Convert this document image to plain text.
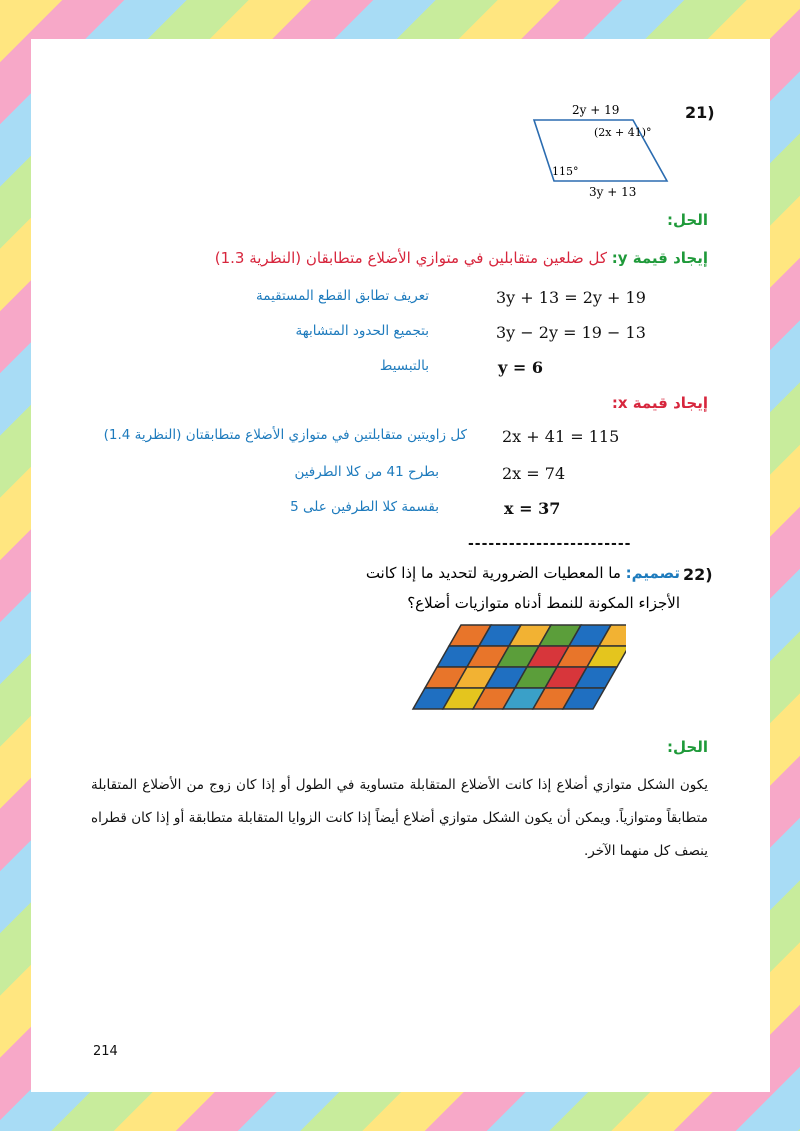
21)
2y + 19
(2x + 41)°
115°
3y + 13
الحل:
إيجاد قيمة y: كل ضلعين متقابلين في متوازي الأضلاع متطابقان (النظرية 1.3)
3y + 13 = 2y + 19
تعريف تطابق القطع المستقيمة
3y − 2y = 19 − 13
بتجميع الحدود المتشابهة
y = 6
بالتبسيط
إيجاد قيمة x:
2x + 41 = 115
كل زاويتين متقابلتين في متوازي الأضلاع متطابقتان (النظرية 1.4)
2x = 74
بطرح 41 من كلا الطرفين
x = 37
بقسمة كلا الطرفين على 5
------------------------
22)
تصميم: ما المعطيات الضرورية لتحديد ما إذا كانت
الأجزاء المكونة للنمط أدناه متوازيات أضلاع؟
الحل:
يكون الشكل متوازي أضلاع إذا كانت الأضلاع المتقابلة متساوية في الطول أو إذا كان زوج من الأضلاع المتقابلة متطابقاً ومتوازياً. ويمكن أن يكون الشكل متوازي أضلاع أيضاً إذا كانت الزوايا المتقابلة متطابقة أو إذا كان قطراه ينصف كل منهما الآخر.
214
